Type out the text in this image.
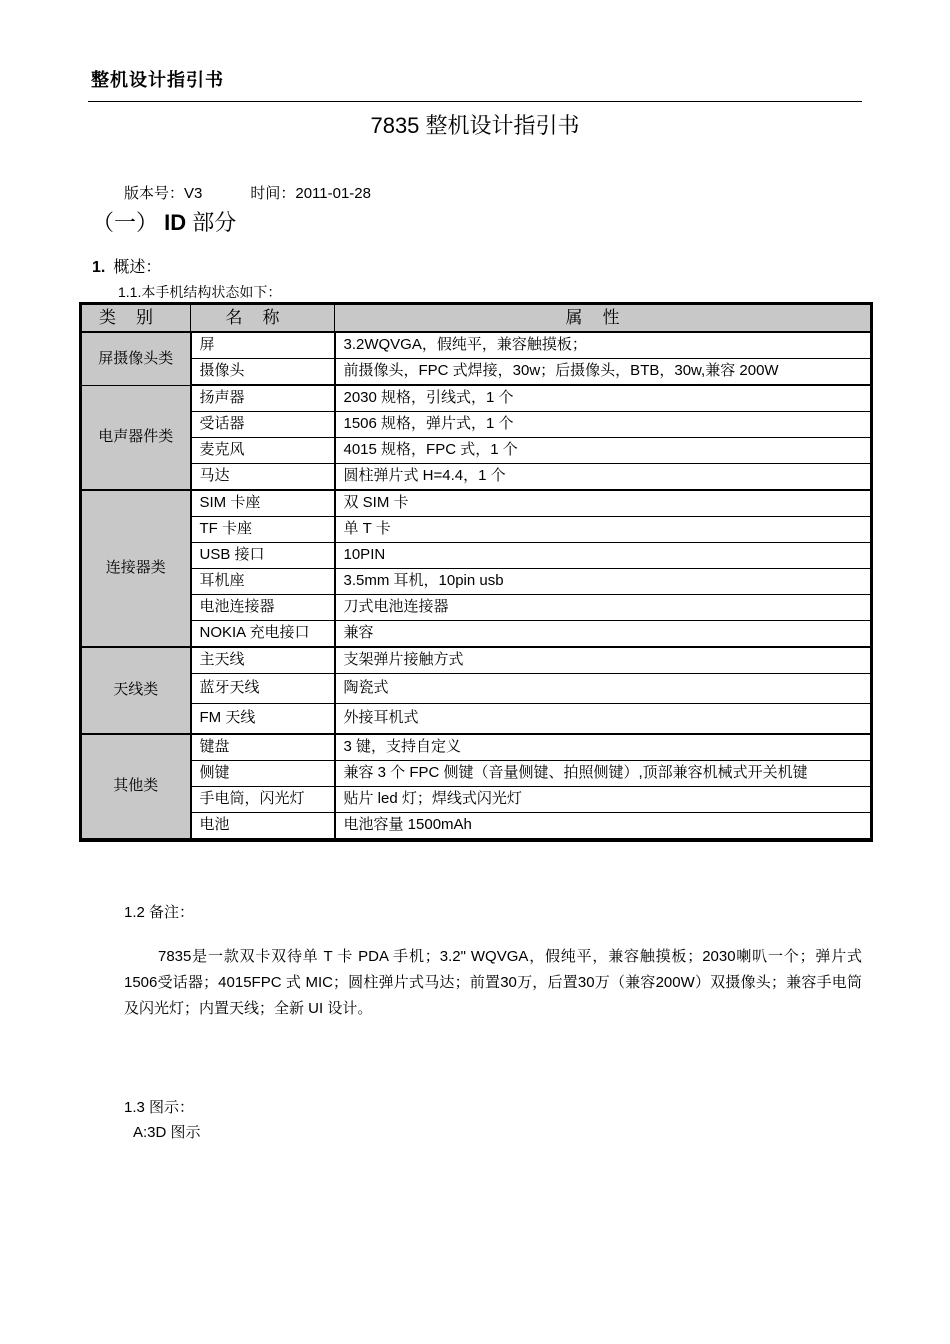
整机设计指引书
7835 整机设计指引书
版本号：V3	时间：2011-01-28
（一） ID 部分
1. 概述：
1.1.本手机结构状态如下：
类别	名称	属性
屏摄像头类	屏	3.2WQVGA，假纯平，兼容触摸板；
	摄像头	前摄像头，FPC 式焊接，30w；后摄像头，BTB，30w,兼容 200W
电声器件类	扬声器	2030 规格，引线式，1 个
	受话器	1506 规格，弹片式，1 个
	麦克风	4015 规格，FPC 式，1 个
	马达	圆柱弹片式 H=4.4，1 个
连接器类	SIM 卡座	双 SIM 卡
	TF 卡座	单 T 卡
	USB 接口	10PIN
	耳机座	3.5mm 耳机，10pin usb
	电池连接器	刀式电池连接器
	NOKIA 充电接口	兼容
天线类	主天线	支架弹片接触方式
	蓝牙天线	陶瓷式
	FM 天线	外接耳机式
其他类	键盘	3 键，支持自定义
	侧键	兼容 3 个 FPC 侧键（音量侧键、拍照侧键）,顶部兼容机械式开关机键
	手电筒，闪光灯	贴片 led 灯；焊线式闪光灯
	电池	电池容量 1500mAh
1.2 备注：
7835是一款双卡双待单 T 卡 PDA 手机；3.2" WQVGA，假纯平，兼容触摸板；2030喇叭一个；弹片式1506受话器；4015FPC 式 MIC；圆柱弹片式马达；前置30万，后置30万（兼容200W）双摄像头；兼容手电筒及闪光灯；内置天线；全新 UI 设计。
1.3 图示：
A:3D 图示
